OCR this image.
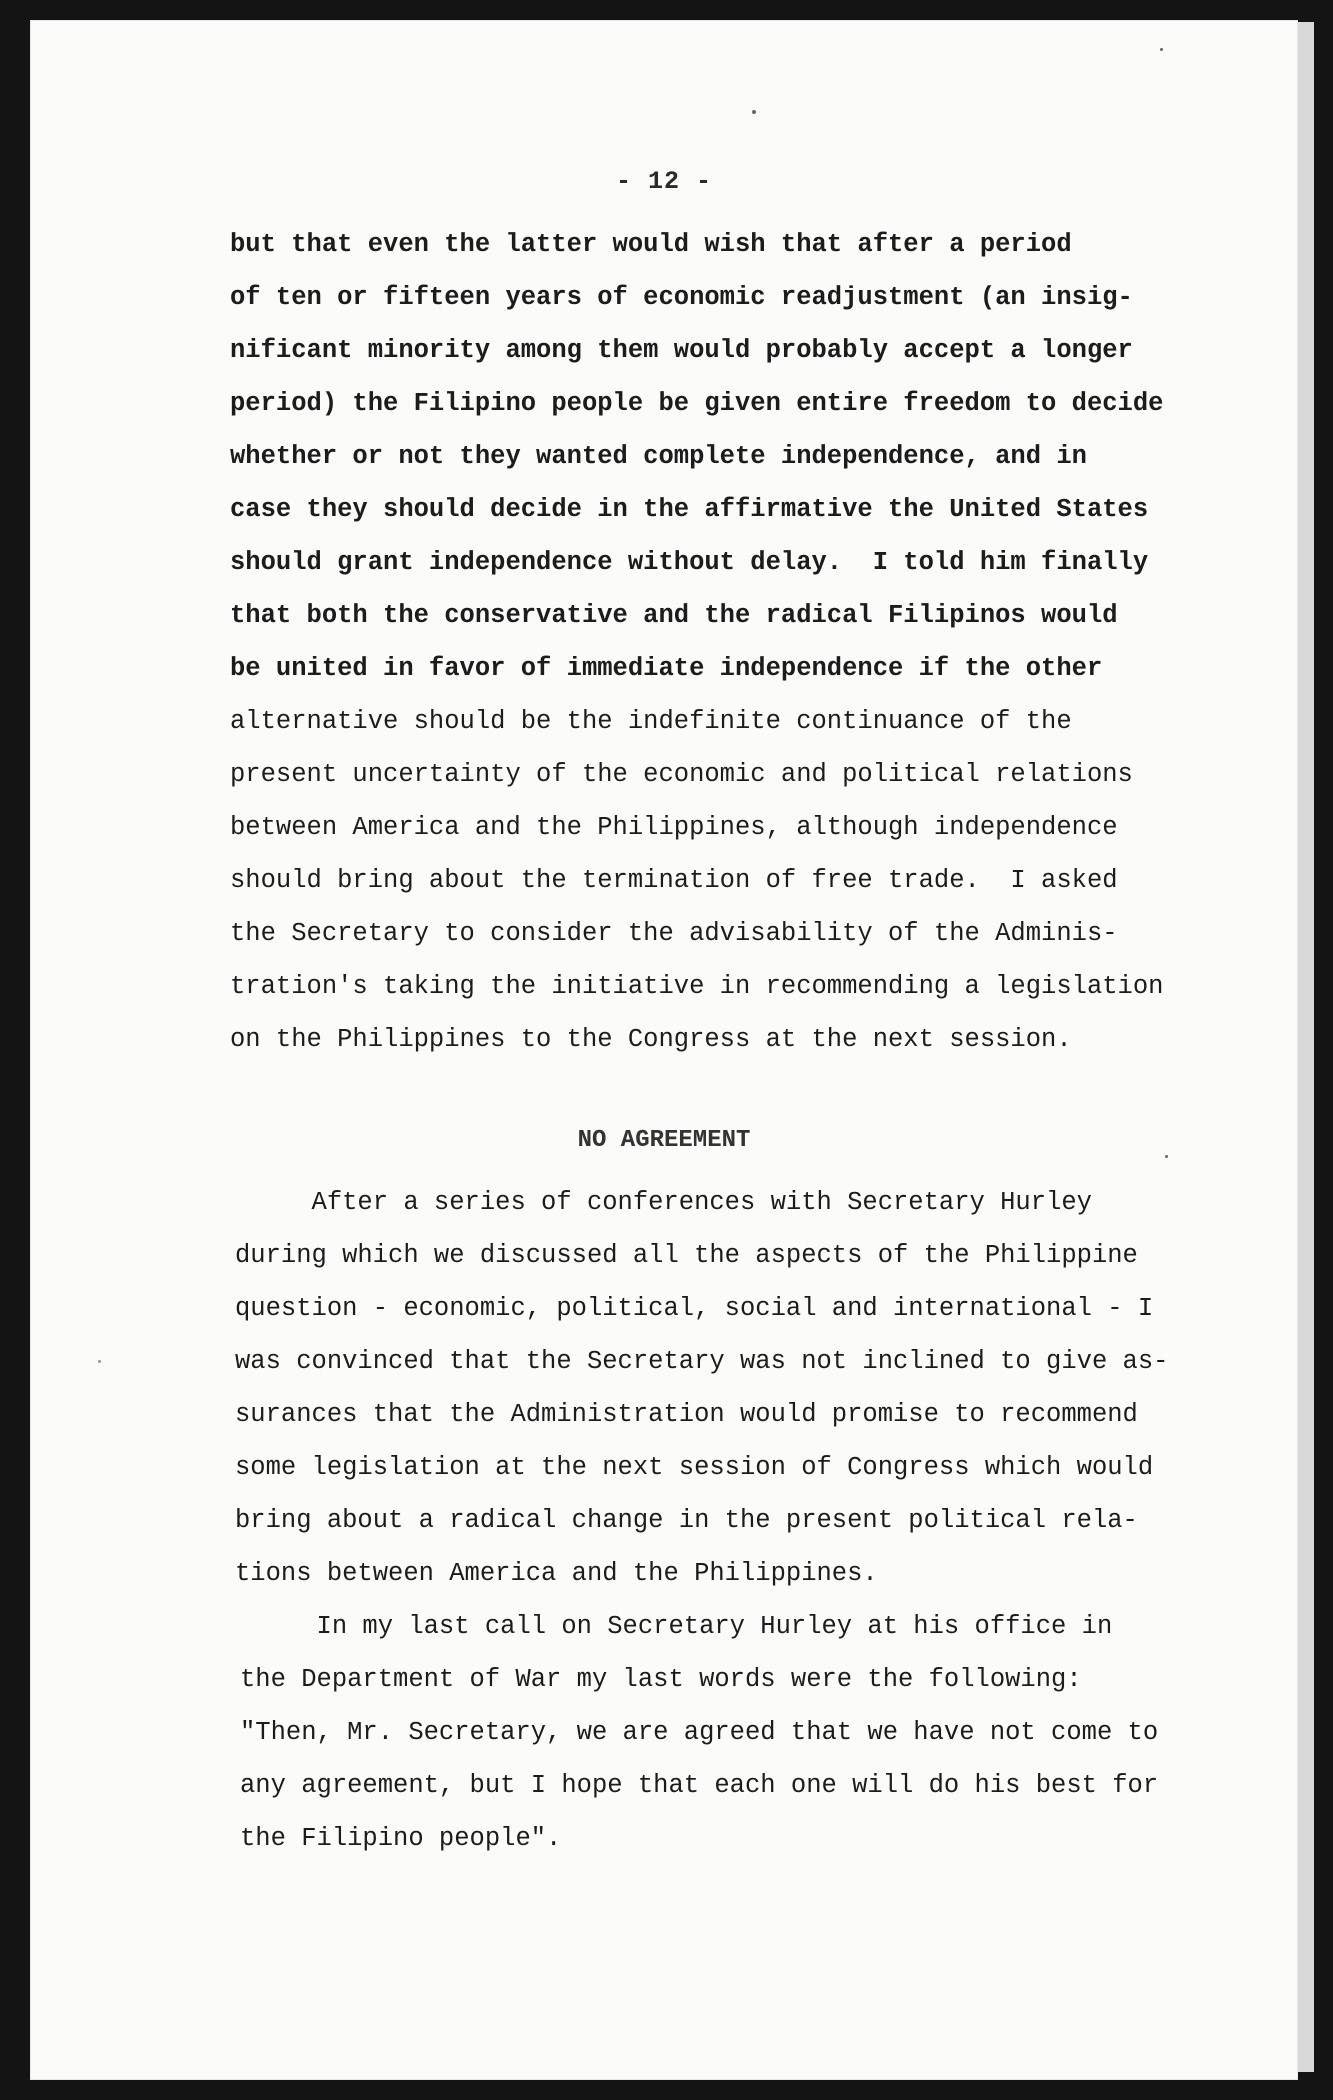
- 12 -
but that even the latter would wish that after a period
of ten or fifteen years of economic readjustment (an insig-
nificant minority among them would probably accept a longer
period) the Filipino people be given entire freedom to decide
whether or not they wanted complete independence, and in
case they should decide in the affirmative the United States
should grant independence without delay.  I told him finally
that both the conservative and the radical Filipinos would
be united in favor of immediate independence if the other
alternative should be the indefinite continuance of the
present uncertainty of the economic and political relations
between America and the Philippines, although independence
should bring about the termination of free trade.  I asked
the Secretary to consider the advisability of the Adminis-
tration's taking the initiative in recommending a legislation
on the Philippines to the Congress at the next session.
NO AGREEMENT
After a series of conferences with Secretary Hurley
during which we discussed all the aspects of the Philippine
question - economic, political, social and international - I
was convinced that the Secretary was not inclined to give as-
surances that the Administration would promise to recommend
some legislation at the next session of Congress which would
bring about a radical change in the present political rela-
tions between America and the Philippines.
In my last call on Secretary Hurley at his office in
the Department of War my last words were the following:
"Then, Mr. Secretary, we are agreed that we have not come to
any agreement, but I hope that each one will do his best for
the Filipino people".
